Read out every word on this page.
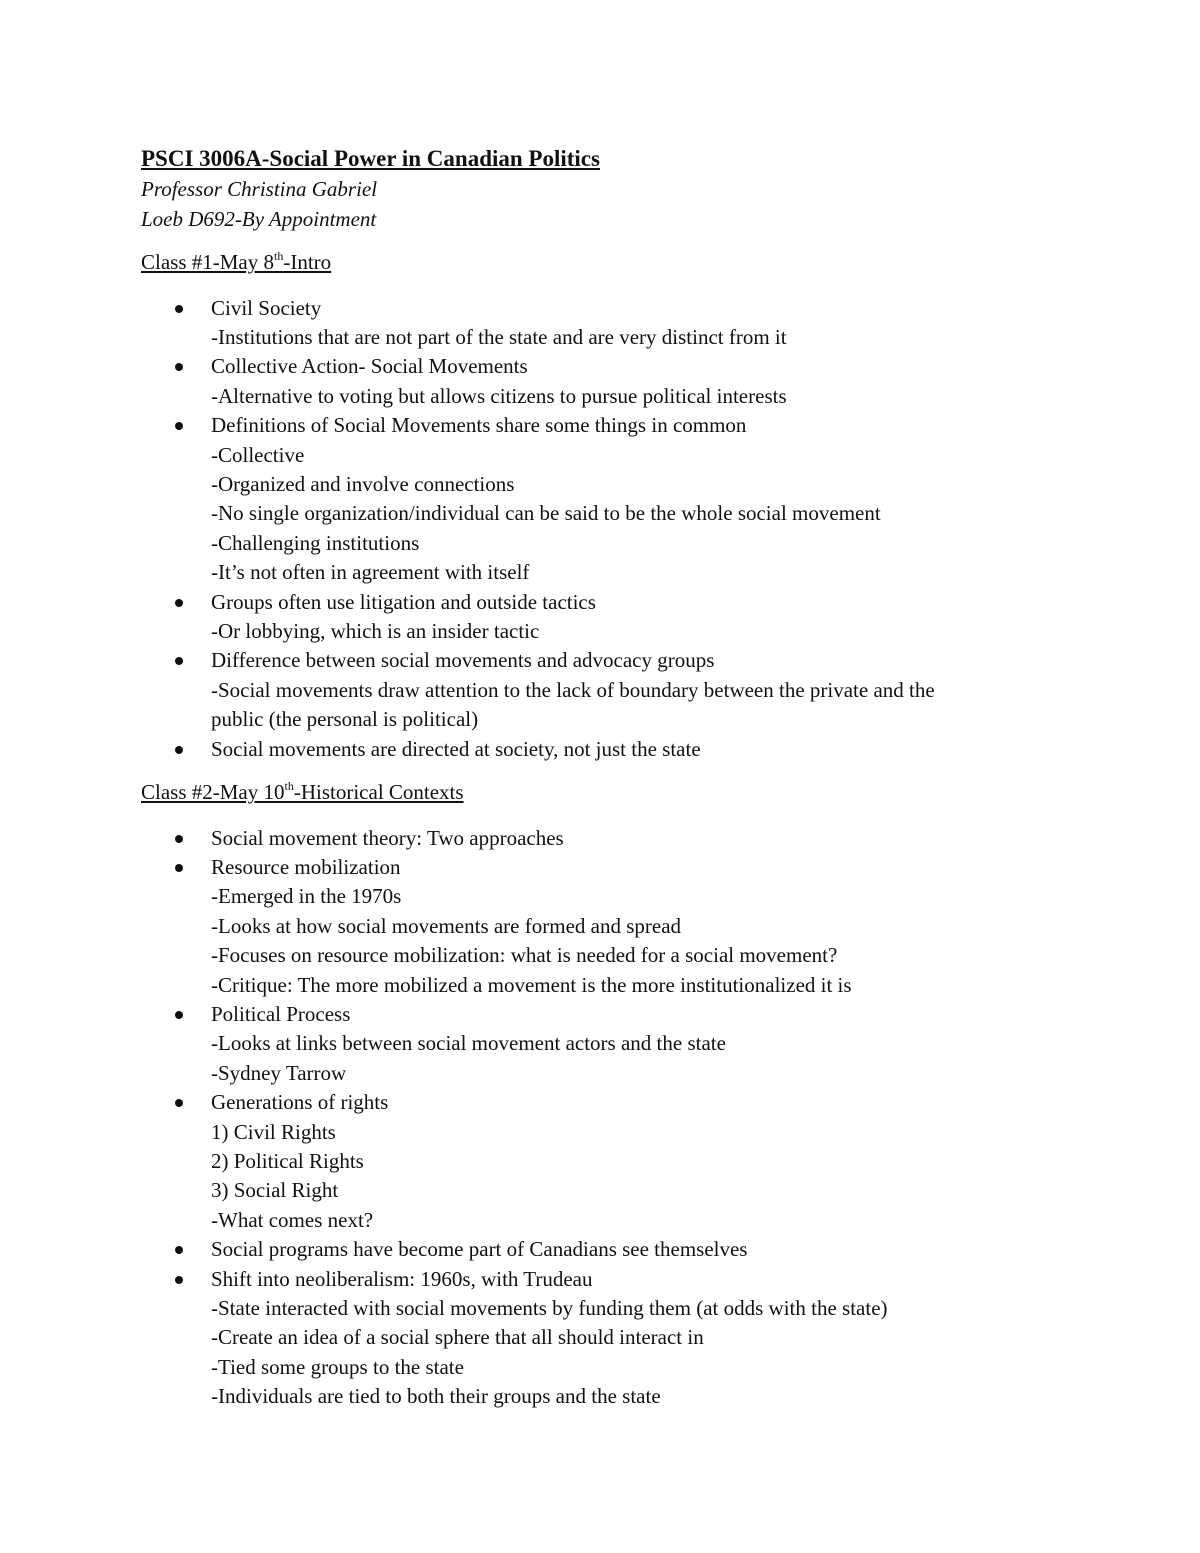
PSCI 3006A-Social Power in Canadian Politics

Professor Christina Gabriel

Loeb D692-By Appointment

Class #1-May 8th-Intro

Civil Society
-Institutions that are not part of the state and are very distinct from it
Collective Action- Social Movements
-Alternative to voting but allows citizens to pursue political interests
Definitions of Social Movements share some things in common
-Collective
-Organized and involve connections
-No single organization/individual can be said to be the whole social movement
-Challenging institutions
-It’s not often in agreement with itself
Groups often use litigation and outside tactics
-Or lobbying, which is an insider tactic
Difference between social movements and advocacy groups
-Social movements draw attention to the lack of boundary between the private and the
public (the personal is political)
Social movements are directed at society, not just the state

Class #2-May 10th-Historical Contexts

Social movement theory: Two approaches
Resource mobilization
-Emerged in the 1970s
-Looks at how social movements are formed and spread
-Focuses on resource mobilization: what is needed for a social movement?
-Critique: The more mobilized a movement is the more institutionalized it is
Political Process
-Looks at links between social movement actors and the state
-Sydney Tarrow
Generations of rights
1) Civil Rights
2) Political Rights
3) Social Right
-What comes next?
Social programs have become part of Canadians see themselves
Shift into neoliberalism: 1960s, with Trudeau
-State interacted with social movements by funding them (at odds with the state)
-Create an idea of a social sphere that all should interact in
-Tied some groups to the state
-Individuals are tied to both their groups and the state
